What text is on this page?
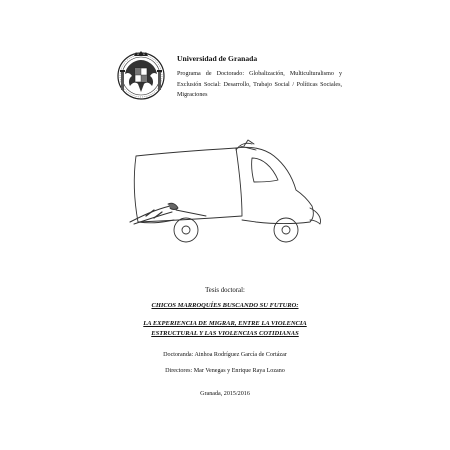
Universidad de Granada
Programa de Doctorado: Globalización, Multiculturalismo y Exclusión Social: Desarrollo, Trabajo Social / Políticas Sociales, Migraciones
Tesis doctoral:
CHICOS MARROQUÍES BUSCANDO SU FUTURO:
LA EXPERIENCIA DE MIGRAR, ENTRE LA VIOLENCIA
ESTRUCTURAL Y LAS VIOLENCIAS COTIDIANAS
Doctoranda: Ainhoa Rodríguez García de Cortázar
Directores: Mar Venegas y Enrique Raya Lozano
Granada, 2015/2016
